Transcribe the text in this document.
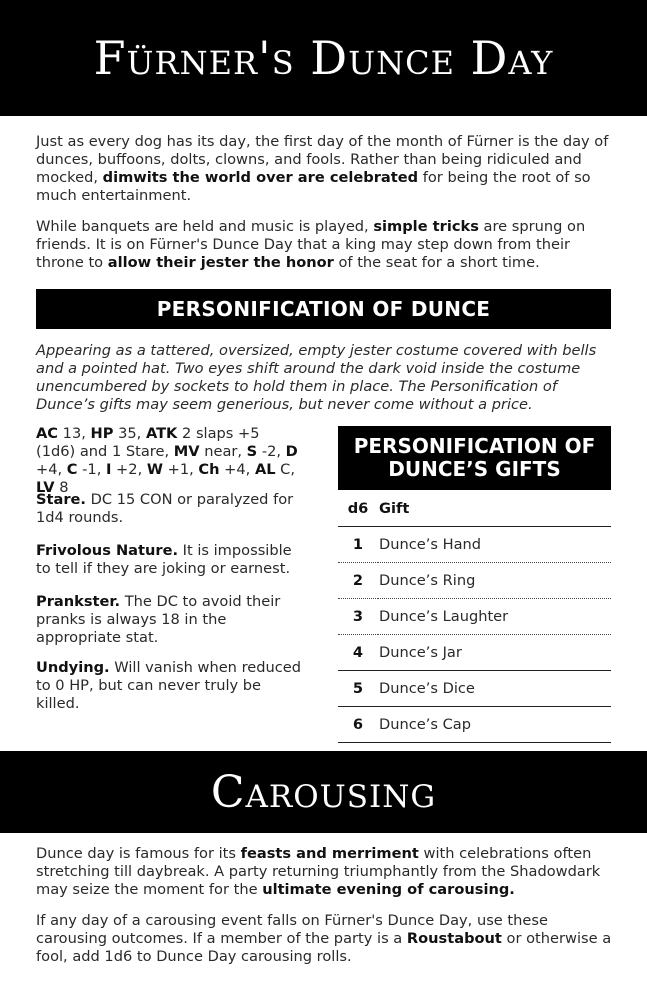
Fürner's Dunce Day
Just as every dog has its day, the first day of the month of Fürner is the day of dunces, buffoons, dolts, clowns, and fools. Rather than being ridiculed and mocked, dimwits the world over are celebrated for being the root of so much entertainment.
While banquets are held and music is played, simple tricks are sprung on friends. It is on Fürner's Dunce Day that a king may step down from their throne to allow their jester the honor of the seat for a short time.
PERSONIFICATION OF DUNCE
Appearing as a tattered, oversized, empty jester costume covered with bells and a pointed hat. Two eyes shift around the dark void inside the costume unencumbered by sockets to hold them in place. The Personification of Dunce’s gifts may seem generious, but never come without a price.
AC 13, HP 35, ATK 2 slaps +5 (1d6) and 1 Stare, MV near, S -2, D +4, C -1, I +2, W +1, Ch +4, AL C, LV 8
Stare. DC 15 CON or paralyzed for 1d4 rounds.
Frivolous Nature. It is impossible to tell if they are joking or earnest.
Prankster. The DC to avoid their pranks is always 18 in the appropriate stat.
Undying. Will vanish when reduced to 0 HP, but can never truly be killed.
PERSONIFICATION OF DUNCE’S GIFTS
d6	Gift
1	Dunce’s Hand
2	Dunce’s Ring
3	Dunce’s Laughter
4	Dunce’s Jar
5	Dunce’s Dice
6	Dunce’s Cap
Carousing
Dunce day is famous for its feasts and merriment with celebrations often stretching till daybreak. A party returning triumphantly from the Shadowdark may seize the moment for the ultimate evening of carousing.
If any day of a carousing event falls on Fürner's Dunce Day, use these carousing outcomes. If a member of the party is a Roustabout or otherwise a fool, add 1d6 to Dunce Day carousing rolls.
